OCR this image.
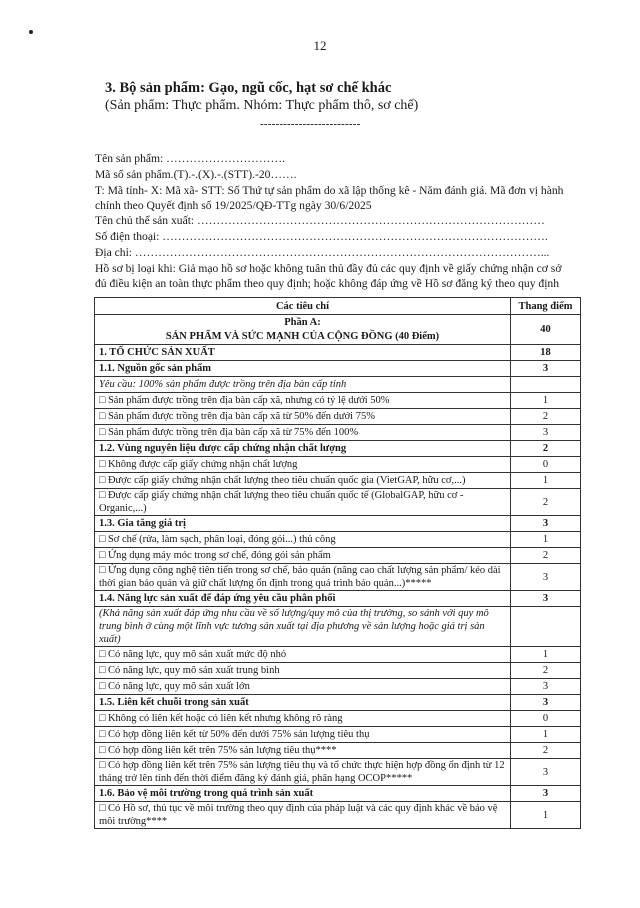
12
3. Bộ sản phẩm: Gạo, ngũ cốc, hạt sơ chế khác
(Sản phẩm: Thực phẩm. Nhóm: Thực phẩm thô, sơ chế)
--------------------------
Tên sản phẩm: ………………………….
Mã số sản phẩm.(T).-.(X).-.(STT).-20…….
T: Mã tỉnh- X: Mã xã- STT: Số Thứ tự sản phẩm do xã lập thống kê - Năm đánh giá. Mã đơn vị hành chính theo Quyết định số 19/2025/QĐ-TTg ngày 30/6/2025
Tên chủ thể sản xuất: ………………………………………………………………………………
Số điện thoại: ……………………………………………………………………………………….
Địa chỉ: ……………………………………………………………………………………………...
Hồ sơ bị loại khi: Giả mạo hồ sơ hoặc không tuân thủ đầy đủ các quy định về giấy chứng nhận cơ sở đủ điều kiện an toàn thực phẩm theo quy định; hoặc không đáp ứng về Hồ sơ đăng ký theo quy định
Các tiêu chí	Thang điểm
Phần A:
SẢN PHẨM VÀ SỨC MẠNH CỦA CỘNG ĐỒNG (40 Điểm)	40
1. TỔ CHỨC SẢN XUẤT	18
1.1. Nguồn gốc sản phẩm	3
Yêu cầu: 100% sản phẩm được trồng trên địa bàn cấp tỉnh	
□ Sản phẩm được trồng trên địa bàn cấp xã, nhưng có tỷ lệ dưới 50%	1
□ Sản phẩm được trồng trên địa bàn cấp xã từ 50% đến dưới 75%	2
□ Sản phẩm được trồng trên địa bàn cấp xã từ 75% đến 100%	3
1.2. Vùng nguyên liệu được cấp chứng nhận chất lượng	2
□ Không được cấp giấy chứng nhận chất lượng	0
□ Được cấp giấy chứng nhận chất lượng theo tiêu chuẩn quốc gia (VietGAP, hữu cơ,...)	1
□ Được cấp giấy chứng nhận chất lượng theo tiêu chuẩn quốc tế (GlobalGAP, hữu cơ - Organic,...)	2
1.3. Gia tăng giá trị	3
□ Sơ chế (rửa, làm sạch, phân loại, đóng gói...) thủ công	1
□ Ứng dụng máy móc trong sơ chế, đóng gói sản phẩm	2
□ Ứng dụng công nghệ tiên tiến trong sơ chế, bảo quản (nâng cao chất lượng sản phẩm/ kéo dài thời gian bảo quản và giữ chất lượng ổn định trong quá trình bảo quản...)*****	3
1.4. Năng lực sản xuất để đáp ứng yêu cầu phân phối	3
(Khả năng sản xuất đáp ứng nhu cầu về số lượng/quy mô của thị trường, so sánh với quy mô trung bình ở cùng một lĩnh vực tương sản xuất tại địa phương về sản lượng hoặc giá trị sản xuất)	
□ Có năng lực, quy mô sản xuất mức độ nhỏ	1
□ Có năng lực, quy mô sản xuất trung bình	2
□ Có năng lực, quy mô sản xuất lớn	3
1.5. Liên kết chuỗi trong sản xuất	3
□ Không có liên kết hoặc có liên kết nhưng không rõ ràng	0
□ Có hợp đồng liên kết từ 50% đến dưới 75% sản lượng tiêu thụ	1
□ Có hợp đồng liên kết trên 75% sản lượng tiêu thụ****	2
□ Có hợp đồng liên kết trên 75% sản lượng tiêu thụ và tổ chức thực hiện hợp đồng ổn định từ 12 tháng trở lên tính đến thời điểm đăng ký đánh giá, phân hạng OCOP*****	3
1.6. Bảo vệ môi trường trong quá trình sản xuất	3
□ Có Hồ sơ, thủ tục về môi trường theo quy định của pháp luật và các quy định khác về bảo vệ môi trường****	1
